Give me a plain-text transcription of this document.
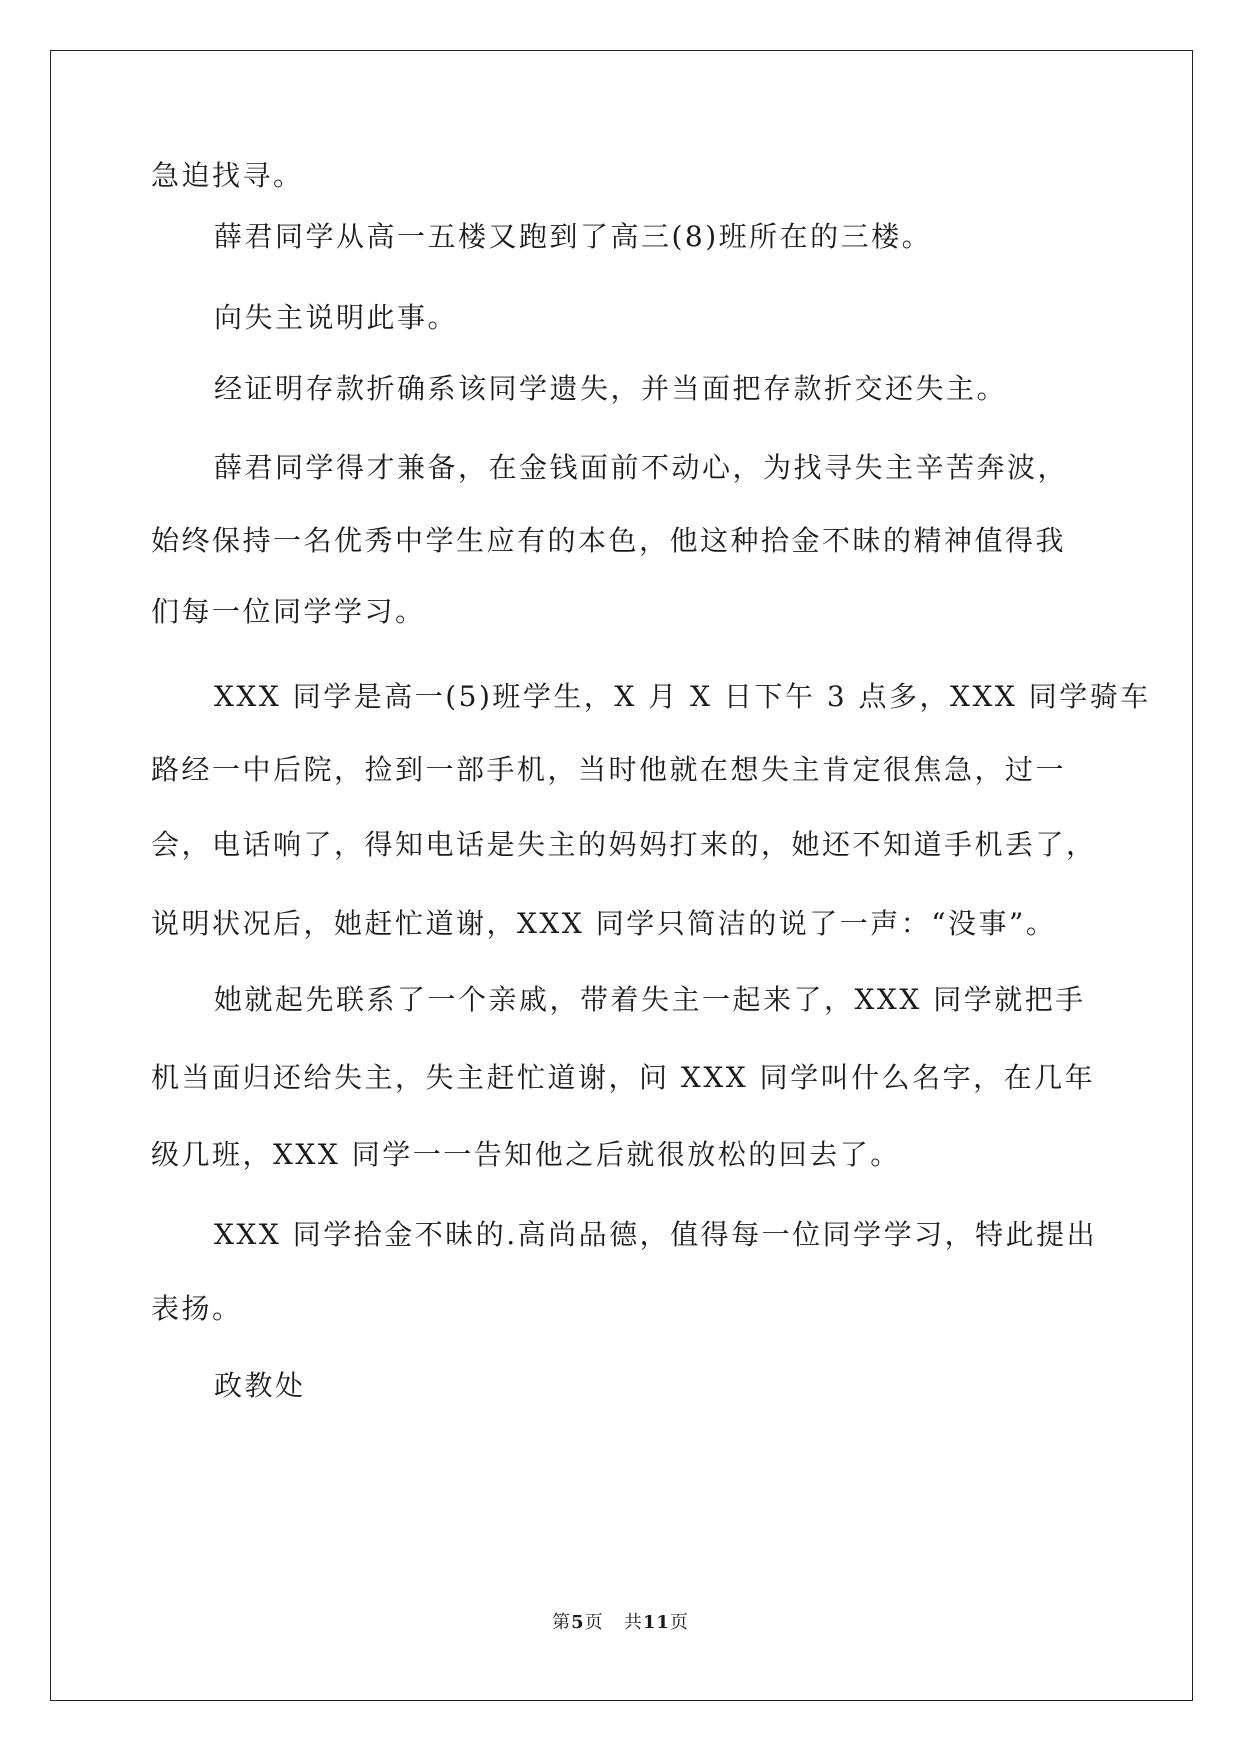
急迫找寻。
薛君同学从高一五楼又跑到了高三(8)班所在的三楼。
向失主说明此事。
经证明存款折确系该同学遗失，并当面把存款折交还失主。
薛君同学得才兼备，在金钱面前不动心，为找寻失主辛苦奔波，
始终保持一名优秀中学生应有的本色，他这种拾金不昧的精神值得我
们每一位同学学习。
XXX 同学是高一(5)班学生，X 月 X 日下午 3 点多，XXX 同学骑车
路经一中后院，捡到一部手机，当时他就在想失主肯定很焦急，过一
会，电话响了，得知电话是失主的妈妈打来的，她还不知道手机丢了，
说明状况后，她赶忙道谢，XXX 同学只简洁的说了一声：“没事”。
她就起先联系了一个亲戚，带着失主一起来了，XXX 同学就把手
机当面归还给失主，失主赶忙道谢，问 XXX 同学叫什么名字，在几年
级几班，XXX 同学一一告知他之后就很放松的回去了。
XXX 同学拾金不昧的.高尚品德，值得每一位同学学习，特此提出
表扬。
政教处
第5页 共11页
